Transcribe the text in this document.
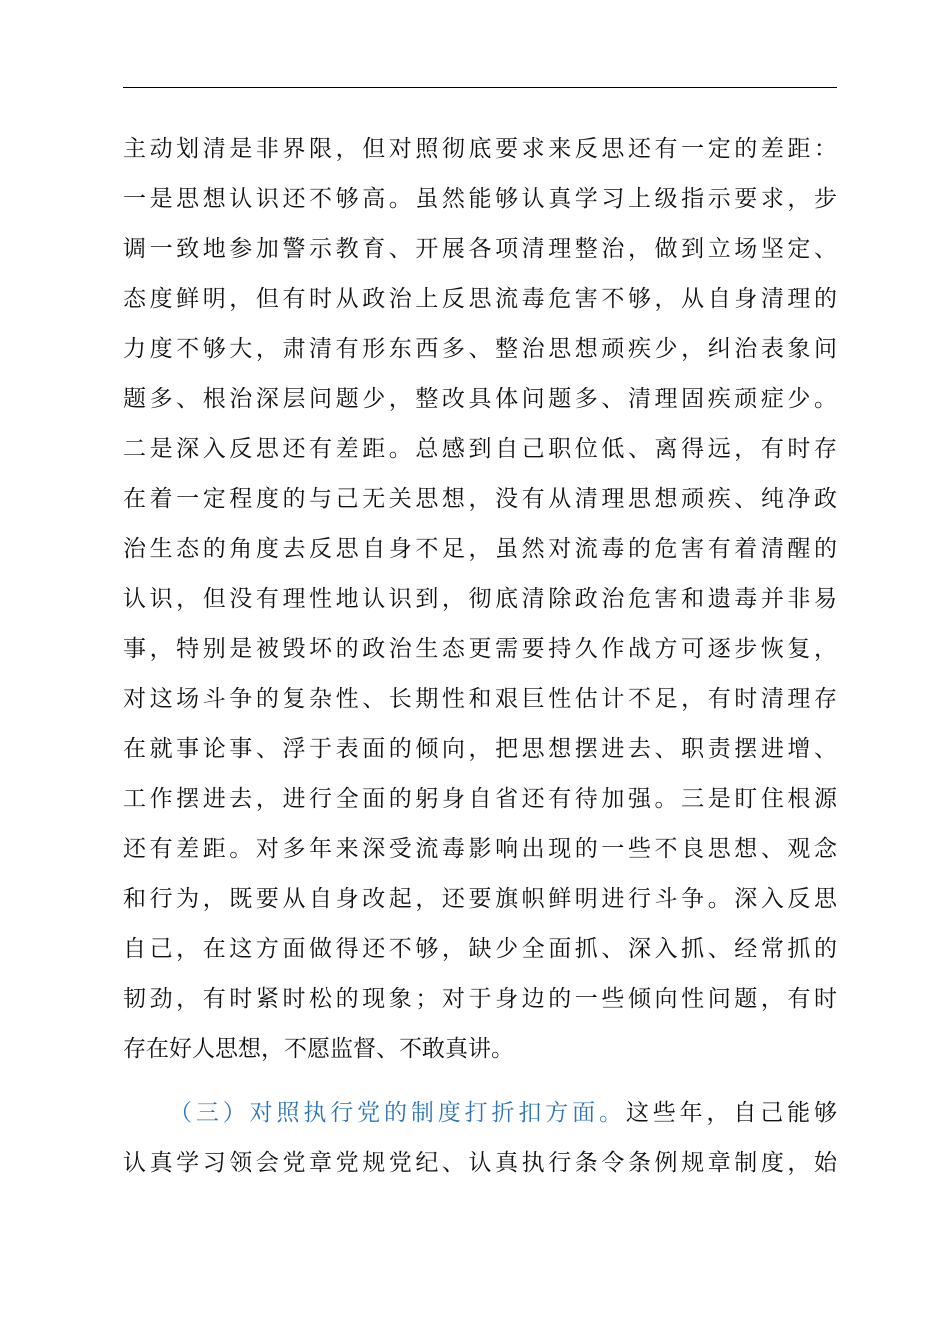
主动划清是非界限，但对照彻底要求来反思还有一定的差距：
一是思想认识还不够高。虽然能够认真学习上级指示要求，步
调一致地参加警示教育、开展各项清理整治，做到立场坚定、
态度鲜明，但有时从政治上反思流毒危害不够，从自身清理的
力度不够大，肃清有形东西多、整治思想顽疾少，纠治表象问
题多、根治深层问题少，整改具体问题多、清理固疾顽症少。
二是深入反思还有差距。总感到自己职位低、离得远，有时存
在着一定程度的与己无关思想，没有从清理思想顽疾、纯净政
治生态的角度去反思自身不足，虽然对流毒的危害有着清醒的
认识，但没有理性地认识到，彻底清除政治危害和遗毒并非易
事，特别是被毁坏的政治生态更需要持久作战方可逐步恢复，
对这场斗争的复杂性、长期性和艰巨性估计不足，有时清理存
在就事论事、浮于表面的倾向，把思想摆进去、职责摆进增、
工作摆进去，进行全面的躬身自省还有待加强。三是盯住根源
还有差距。对多年来深受流毒影响出现的一些不良思想、观念
和行为，既要从自身改起，还要旗帜鲜明进行斗争。深入反思
自己，在这方面做得还不够，缺少全面抓、深入抓、经常抓的
韧劲，有时紧时松的现象；对于身边的一些倾向性问题，有时
存在好人思想，不愿监督、不敢真讲。
（三）对照执行党的制度打折扣方面。这些年，自己能够
认真学习领会党章党规党纪、认真执行条令条例规章制度，始
